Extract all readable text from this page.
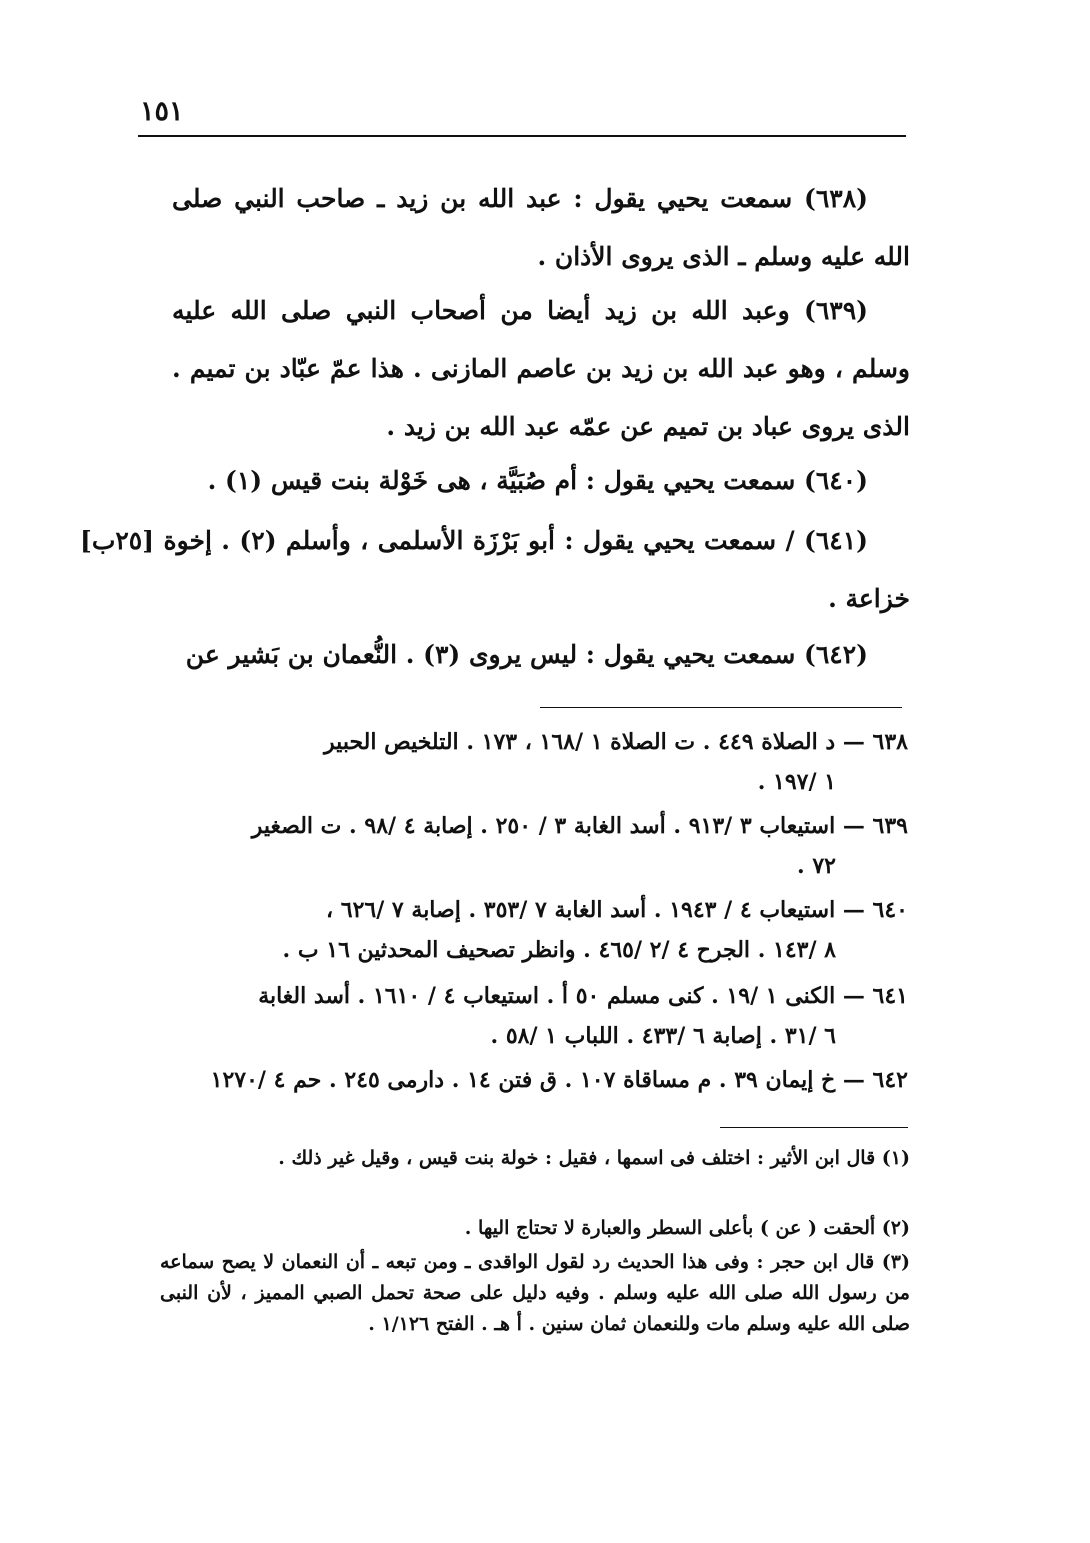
١٥١
(٦٣٨) سمعت يحيي يقول : عبد الله بن زيد ـ صاحب النبي صلى الله عليه وسلم ـ الذى يروى الأذان .
(٦٣٩) وعبد الله بن زيد أيضا من أصحاب النبي صلى الله عليه وسلم ، وهو عبد الله بن زيد بن عاصم المازنى . هذا عمّ عبّاد بن تميم . الذى يروى عباد بن تميم عن عمّه عبد الله بن زيد .
(٦٤٠) سمعت يحيي يقول : أم صُبَيَّة ، هى خَوْلة بنت قيس (١) .
(٦٤١) / سمعت يحيي يقول : أبو بَرْزَة الأسلمى ، وأسلم (٢) . إخوة [٢٥ب] خزاعة .
(٦٤٢) سمعت يحيي يقول : ليس يروى (٣) . النُّعمان بن بَشير عن
٦٣٨ — د الصلاة ٤٤٩ . ت الصلاة ١ /١٦٨ ، ١٧٣ . التلخيص الحبير
١ /١٩٧ .
٦٣٩ — استيعاب ٣ /٩١٣ . أسد الغابة ٣ / ٢٥٠ . إصابة ٤ /٩٨ . ت الصغير
٧٢ .
٦٤٠ — استيعاب ٤ / ١٩٤٣ . أسد الغابة ٧ /٣٥٣ . إصابة ٧ /٦٢٦ ،
٨ /١٤٣ . الجرح ٤ /٢ /٤٦٥ . وانظر تصحيف المحدثين ١٦ ب .
٦٤١ — الكنى ١ /١٩ . كنى مسلم ٥٠ أ . استيعاب ٤ / ١٦١٠ . أسد الغابة
٦ /٣١ . إصابة ٦ /٤٣٣ . اللباب ١ /٥٨ .
٦٤٢ — خ إيمان ٣٩ . م مساقاة ١٠٧ . ق فتن ١٤ . دارمى ٢٤٥ . حم ٤ /١٢٧٠
(١) قال ابن الأثير : اختلف فى اسمها ، فقيل : خولة بنت قيس ، وقيل غير ذلك .
(٢) ألحقت ( عن ) بأعلى السطر والعبارة لا تحتاج اليها .
(٣) قال ابن حجر : وفى هذا الحديث رد لقول الواقدى ـ ومن تبعه ـ أن النعمان لا يصح سماعه من رسول الله صلى الله عليه وسلم . وفيه دليل على صحة تحمل الصبي المميز ، لأن النبى صلى الله عليه وسلم مات وللنعمان ثمان سنين . أ هـ . الفتح ١/١٢٦ .
